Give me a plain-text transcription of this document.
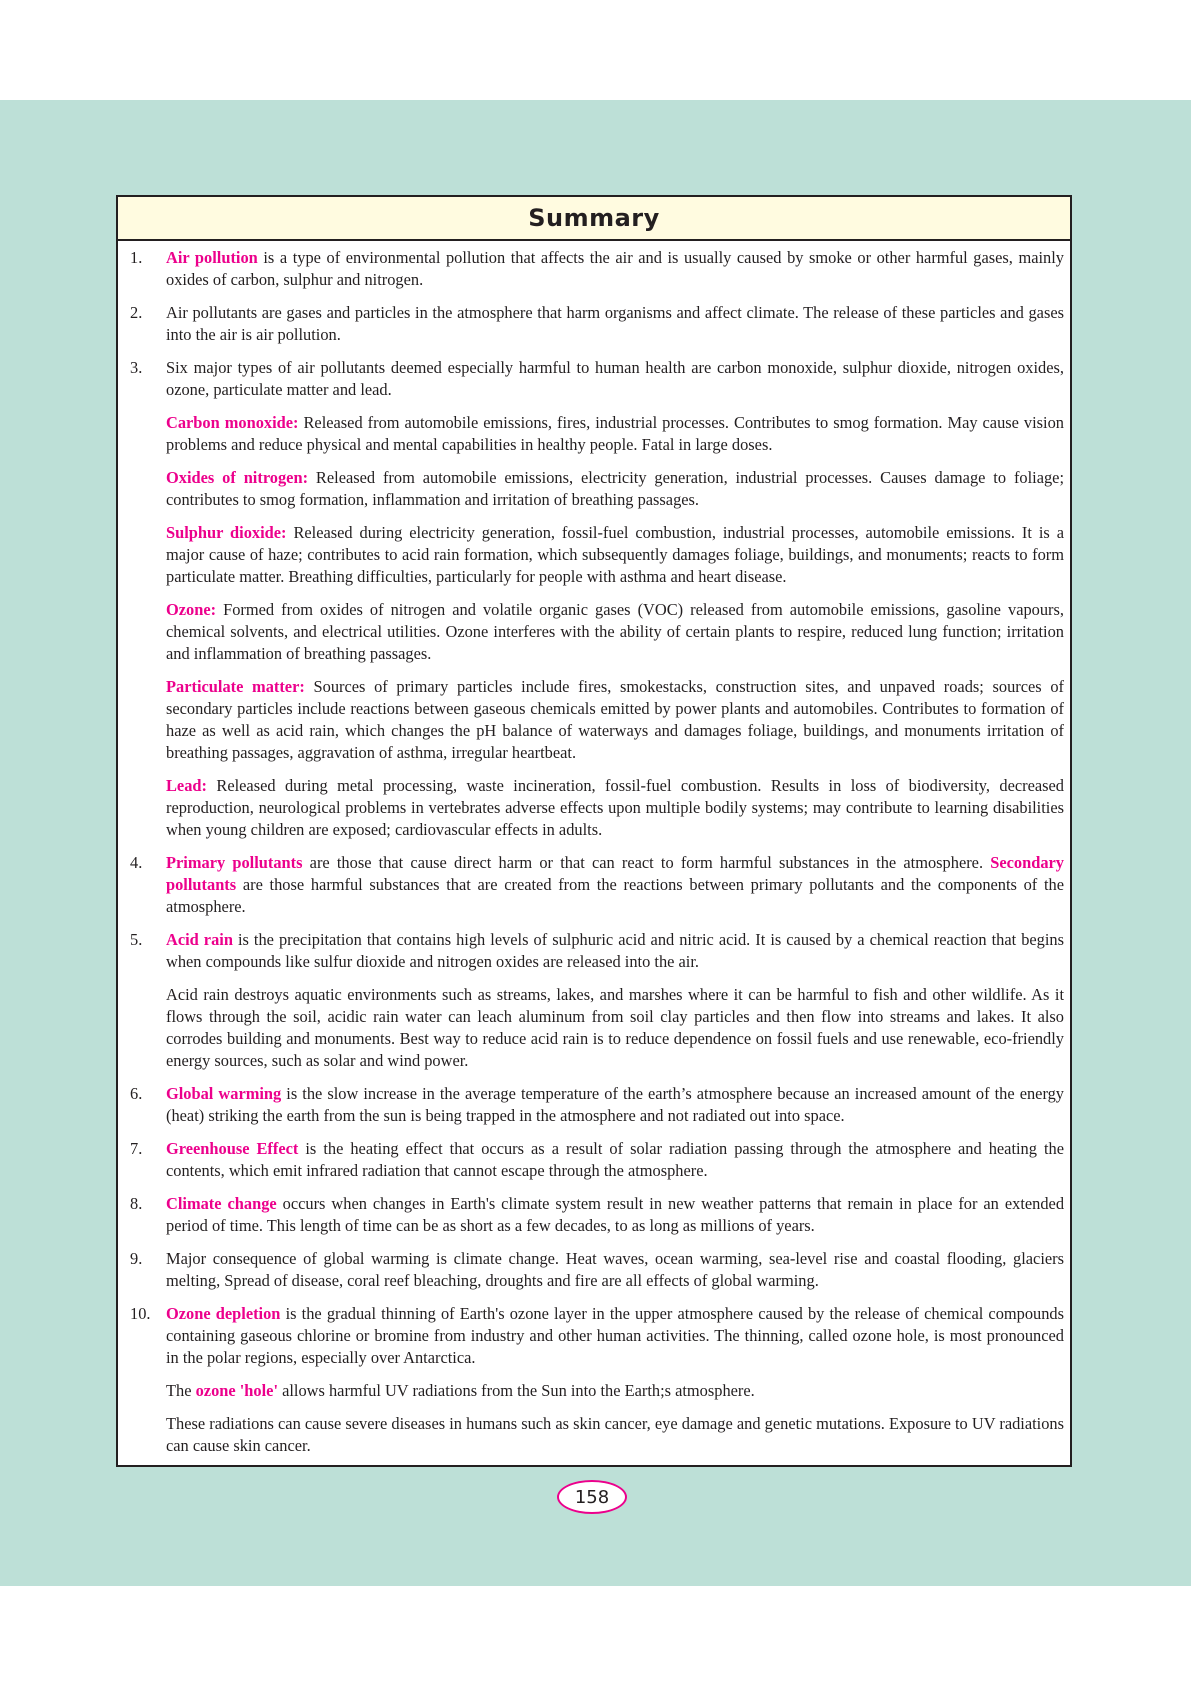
Summary
1.	Air pollution is a type of environmental pollution that affects the air and is usually caused by smoke or other harmful gases, mainly oxides of carbon, sulphur and nitrogen.
2.	Air pollutants are gases and particles in the atmosphere that harm organisms and affect climate. The release of these particles and gases into the air is air pollution.
3.	Six major types of air pollutants deemed especially harmful to human health are carbon monoxide, sulphur dioxide, nitrogen oxides, ozone, particulate matter and lead.
Carbon monoxide: Released from automobile emissions, fires, industrial processes. Contributes to smog formation. May cause vision problems and reduce physical and mental capabilities in healthy people. Fatal in large doses.
Oxides of nitrogen: Released from automobile emissions, electricity generation, industrial processes. Causes damage to foliage; contributes to smog formation, inflammation and irritation of breathing passages.
Sulphur dioxide: Released during electricity generation, fossil-fuel combustion, industrial processes, automobile emissions. It is a major cause of haze; contributes to acid rain formation, which subsequently damages foliage, buildings, and monuments; reacts to form particulate matter. Breathing difficulties, particularly for people with asthma and heart disease.
Ozone: Formed from oxides of nitrogen and volatile organic gases (VOC) released from automobile emissions, gasoline vapours, chemical solvents, and electrical utilities. Ozone interferes with the ability of certain plants to respire, reduced lung function; irritation and inflammation of breathing passages.
Particulate matter: Sources of primary particles include fires, smokestacks, construction sites, and unpaved roads; sources of secondary particles include reactions between gaseous chemicals emitted by power plants and automobiles. Contributes to formation of haze as well as acid rain, which changes the pH balance of waterways and damages foliage, buildings, and monuments irritation of breathing passages, aggravation of asthma, irregular heartbeat.
Lead: Released during metal processing, waste incineration, fossil-fuel combustion. Results in loss of biodiversity, decreased reproduction, neurological problems in vertebrates adverse effects upon multiple bodily systems; may contribute to learning disabilities when young children are exposed; cardiovascular effects in adults.
4.	Primary pollutants are those that cause direct harm or that can react to form harmful substances in the atmosphere. Secondary pollutants are those harmful substances that are created from the reactions between primary pollutants and the components of the atmosphere.
5.	Acid rain is the precipitation that contains high levels of sulphuric acid and nitric acid. It is caused by a chemical reaction that begins when compounds like sulfur dioxide and nitrogen oxides are released into the air.
Acid rain destroys aquatic environments such as streams, lakes, and marshes where it can be harmful to fish and other wildlife. As it flows through the soil, acidic rain water can leach aluminum from soil clay particles and then flow into streams and lakes. It also corrodes building and monuments. Best way to reduce acid rain is to reduce dependence on fossil fuels and use renewable, eco-friendly energy sources, such as solar and wind power.
6.	Global warming is the slow increase in the average temperature of the earth’s atmosphere because an increased amount of the energy (heat) striking the earth from the sun is being trapped in the atmosphere and not radiated out into space.
7.	Greenhouse Effect is the heating effect that occurs as a result of solar radiation passing through the atmosphere and heating the contents, which emit infrared radiation that cannot escape through the atmosphere.
8.	Climate change occurs when changes in Earth's climate system result in new weather patterns that remain in place for an extended period of time. This length of time can be as short as a few decades, to as long as millions of years.
9.	Major consequence of global warming is climate change. Heat waves, ocean warming, sea-level rise and coastal flooding, glaciers melting, Spread of disease, coral reef bleaching, droughts and fire are all effects of global warming.
10. Ozone depletion is the gradual thinning of Earth's ozone layer in the upper atmosphere caused by the release of chemical compounds containing gaseous chlorine or bromine from industry and other human activities. The thinning, called ozone hole, is most pronounced in the polar regions, especially over Antarctica.
The ozone 'hole' allows harmful UV radiations from the Sun into the Earth;s atmosphere.
These radiations can cause severe diseases in humans such as skin cancer, eye damage and genetic mutations. Exposure to UV radiations can cause skin cancer.
158
